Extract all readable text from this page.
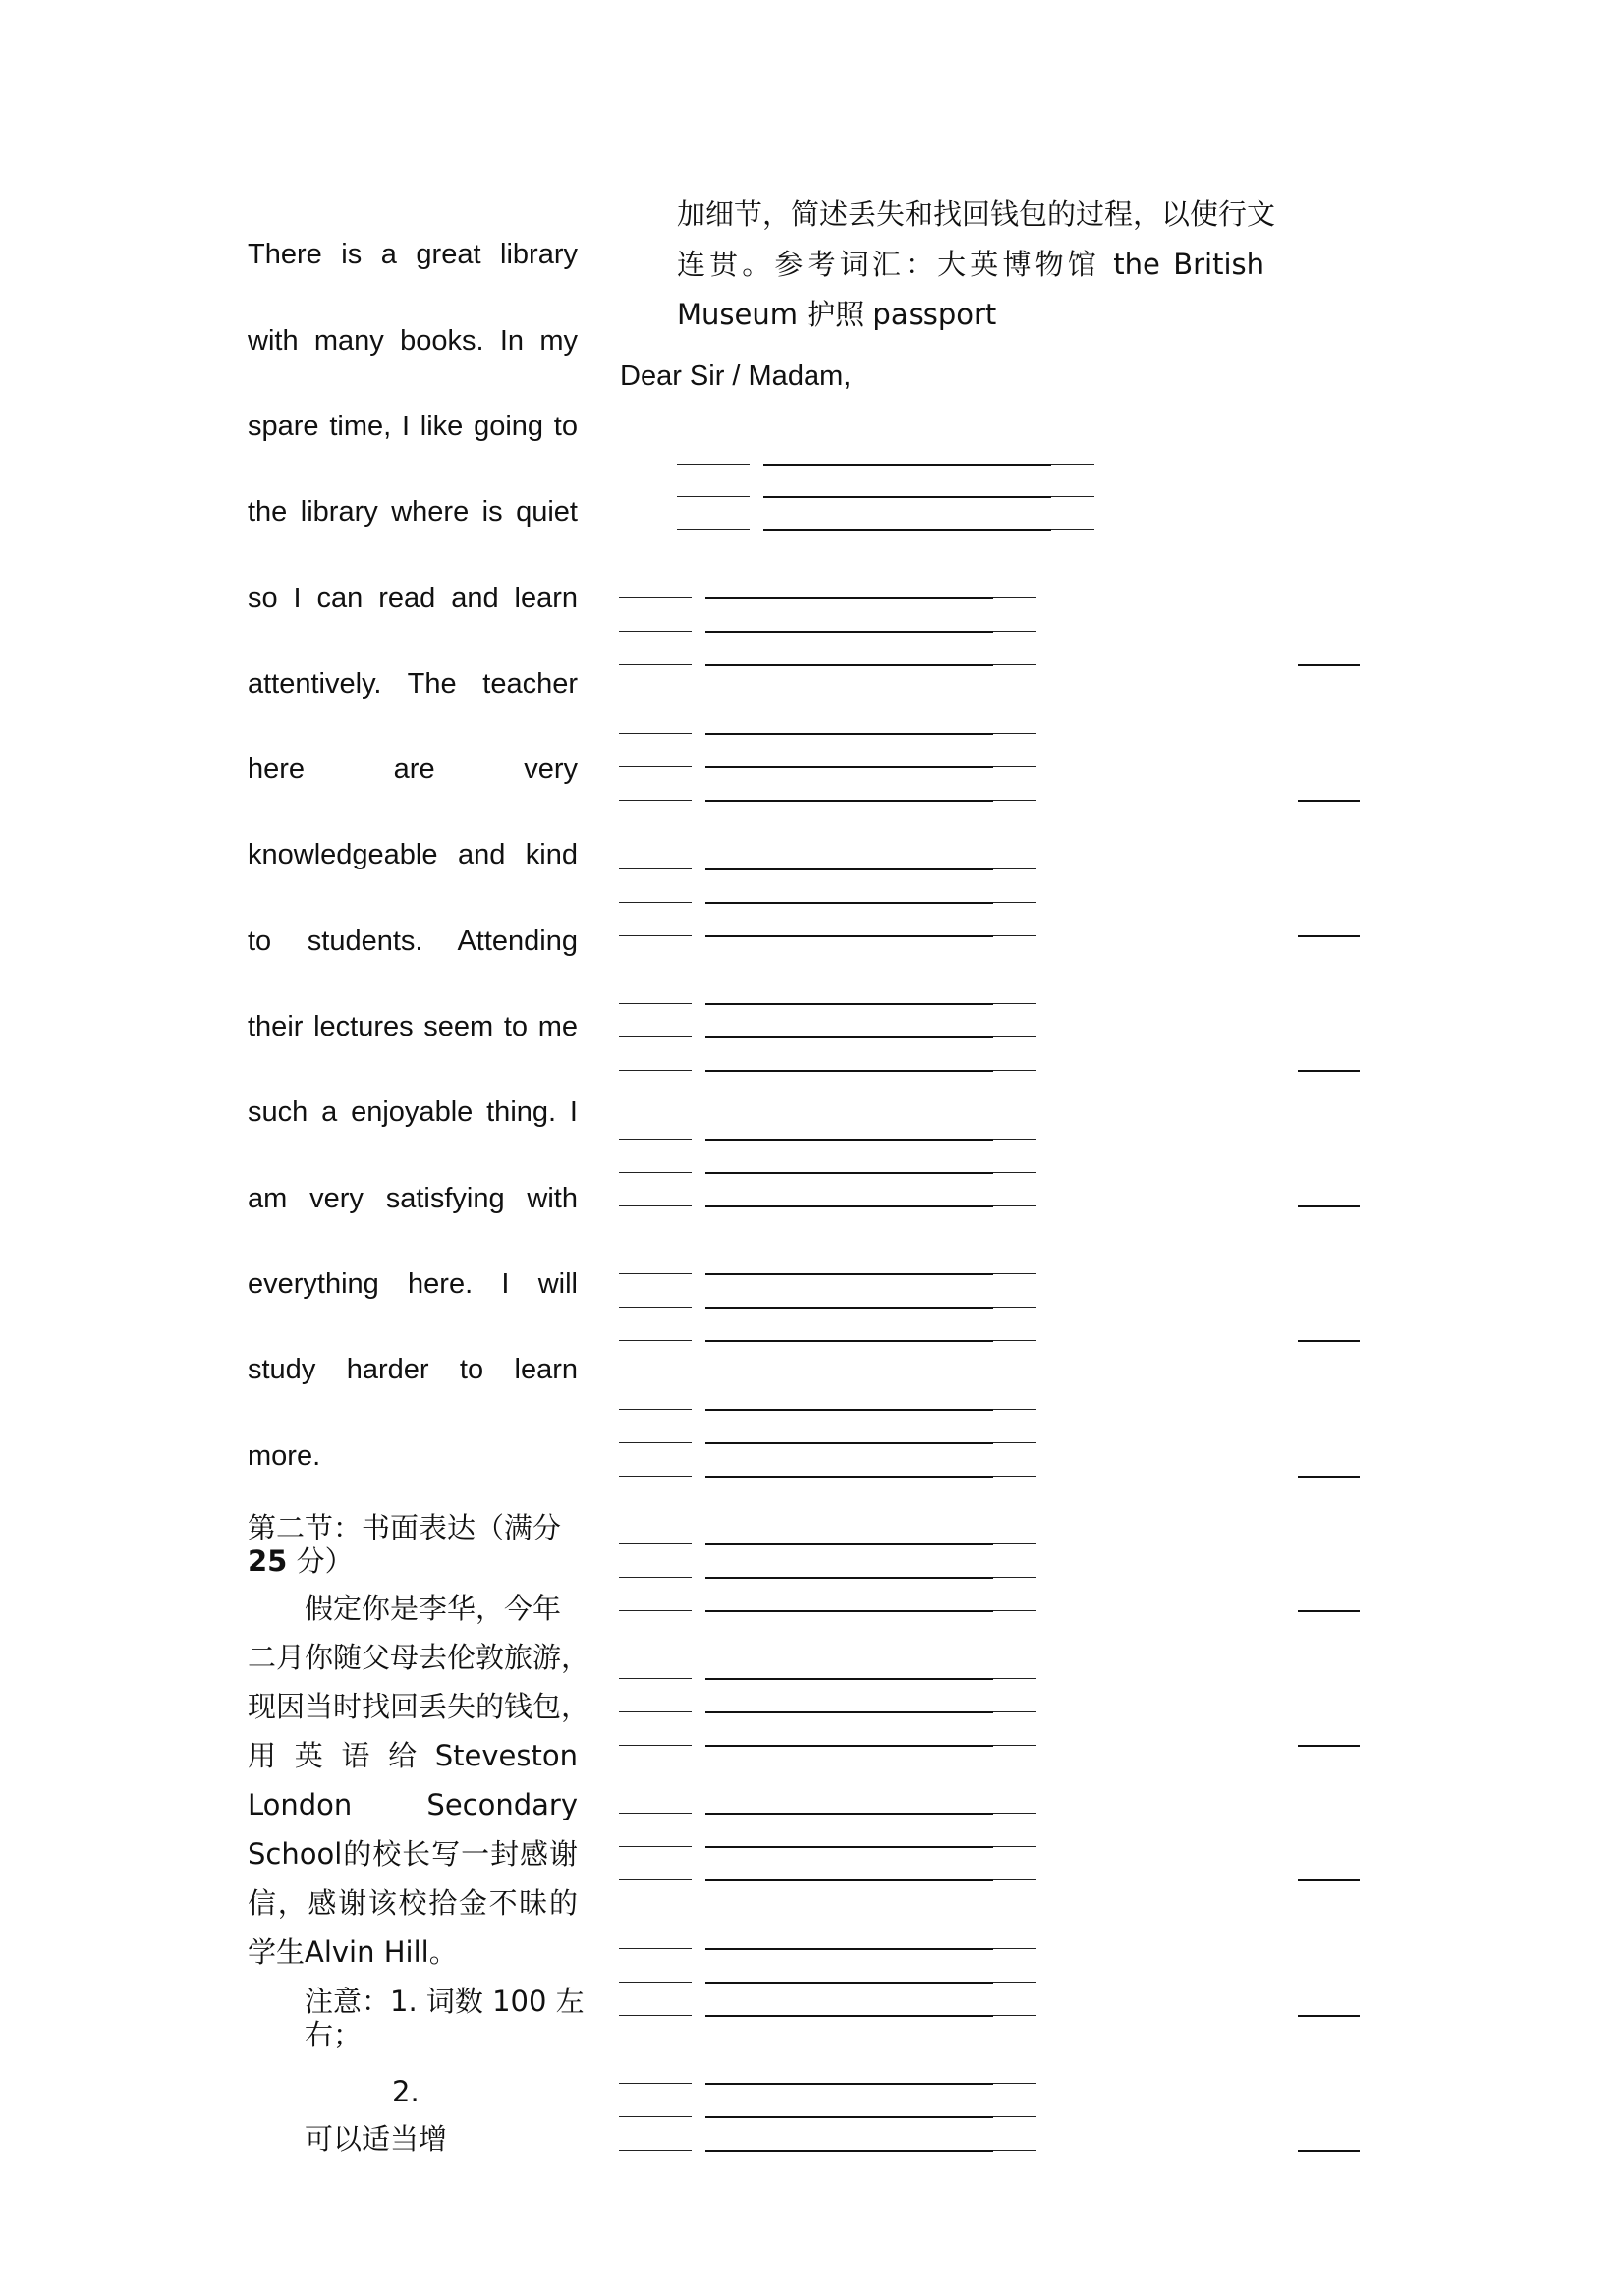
There is a great library
with many books. In my
spare time, I like going to
the library where is quiet
so I can read and learn
attentively. The teacher
here are very
knowledgeable and kind
to students. Attending
their lectures seem to me
such a enjoyable thing. I
am very satisfying with
everything here. I will
study harder to learn
more.
第二节：书面表达（满分
25 分）
假定你是李华，今年
二月你随父母去伦敦旅游，
现因当时找回丢失的钱包，
用 英 语 给 Steveston
London Secondary
School的校长写一封感谢
信，感谢该校拾金不昧的
学生Alvin Hill。
注意：1. 词数 100 左
右；
2.
可以适当增
加细节，简述丢失和找回钱包的过程，以使行文
连贯。参考词汇：大英博物馆 the British
Museum 护照 passport
Dear Sir / Madam,
